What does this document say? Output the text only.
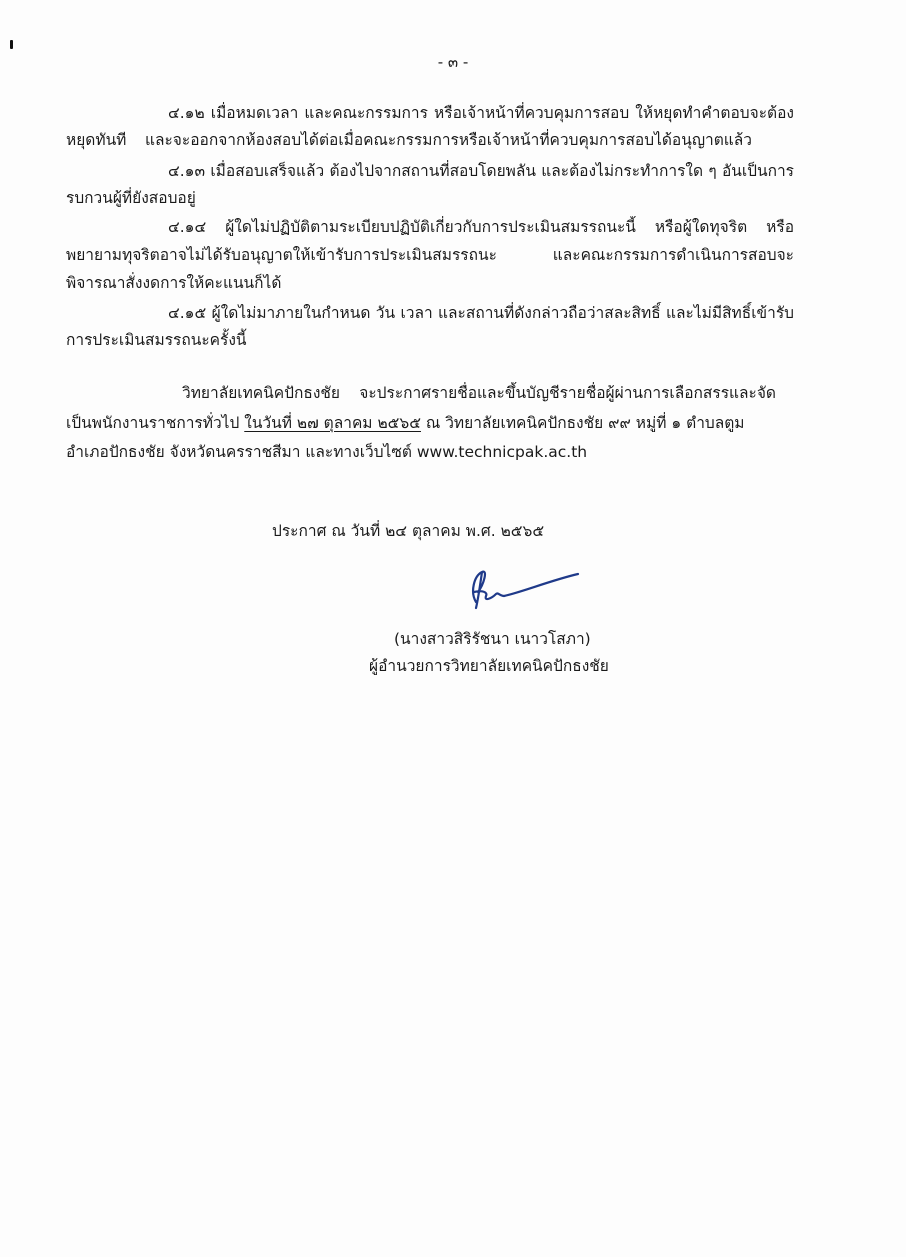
- ๓ -
๔.๑๒ เมื่อหมดเวลา และคณะกรรมการ หรือเจ้าหน้าที่ควบคุมการสอบ ให้หยุดทำคำตอบจะต้อง
หยุดทันที และจะออกจากห้องสอบได้ต่อเมื่อคณะกรรมการหรือเจ้าหน้าที่ควบคุมการสอบได้อนุญาตแล้ว
๔.๑๓ เมื่อสอบเสร็จแล้ว ต้องไปจากสถานที่สอบโดยพลัน และต้องไม่กระทำการใด ๆ อันเป็นการ
รบกวนผู้ที่ยังสอบอยู่
๔.๑๔ ผู้ใดไม่ปฏิบัติตามระเบียบปฏิบัติเกี่ยวกับการประเมินสมรรถนะนี้ หรือผู้ใดทุจริต หรือ
พยายามทุจริตอาจไม่ได้รับอนุญาตให้เข้ารับการประเมินสมรรถนะ และคณะกรรมการดำเนินการสอบจะ
พิจารณาสั่งงดการให้คะแนนก็ได้
๔.๑๕ ผู้ใดไม่มาภายในกำหนด วัน เวลา และสถานที่ดังกล่าวถือว่าสละสิทธิ์ และไม่มีสิทธิ์เข้ารับ
การประเมินสมรรถนะครั้งนี้
วิทยาลัยเทคนิคปักธงชัย จะประกาศรายชื่อและขึ้นบัญชีรายชื่อผู้ผ่านการเลือกสรรและจัด
เป็นพนักงานราชการทั่วไป ในวันที่ ๒๗ ตุลาคม ๒๕๖๕ ณ วิทยาลัยเทคนิคปักธงชัย ๙๙ หมู่ที่ ๑ ตำบลตูม
อำเภอปักธงชัย จังหวัดนครราชสีมา และทางเว็บไซต์ www.technicpak.ac.th
ประกาศ ณ วันที่ ๒๔ ตุลาคม พ.ศ. ๒๕๖๕
(นางสาวสิริรัชนา เนาวโสภา)
ผู้อำนวยการวิทยาลัยเทคนิคปักธงชัย
